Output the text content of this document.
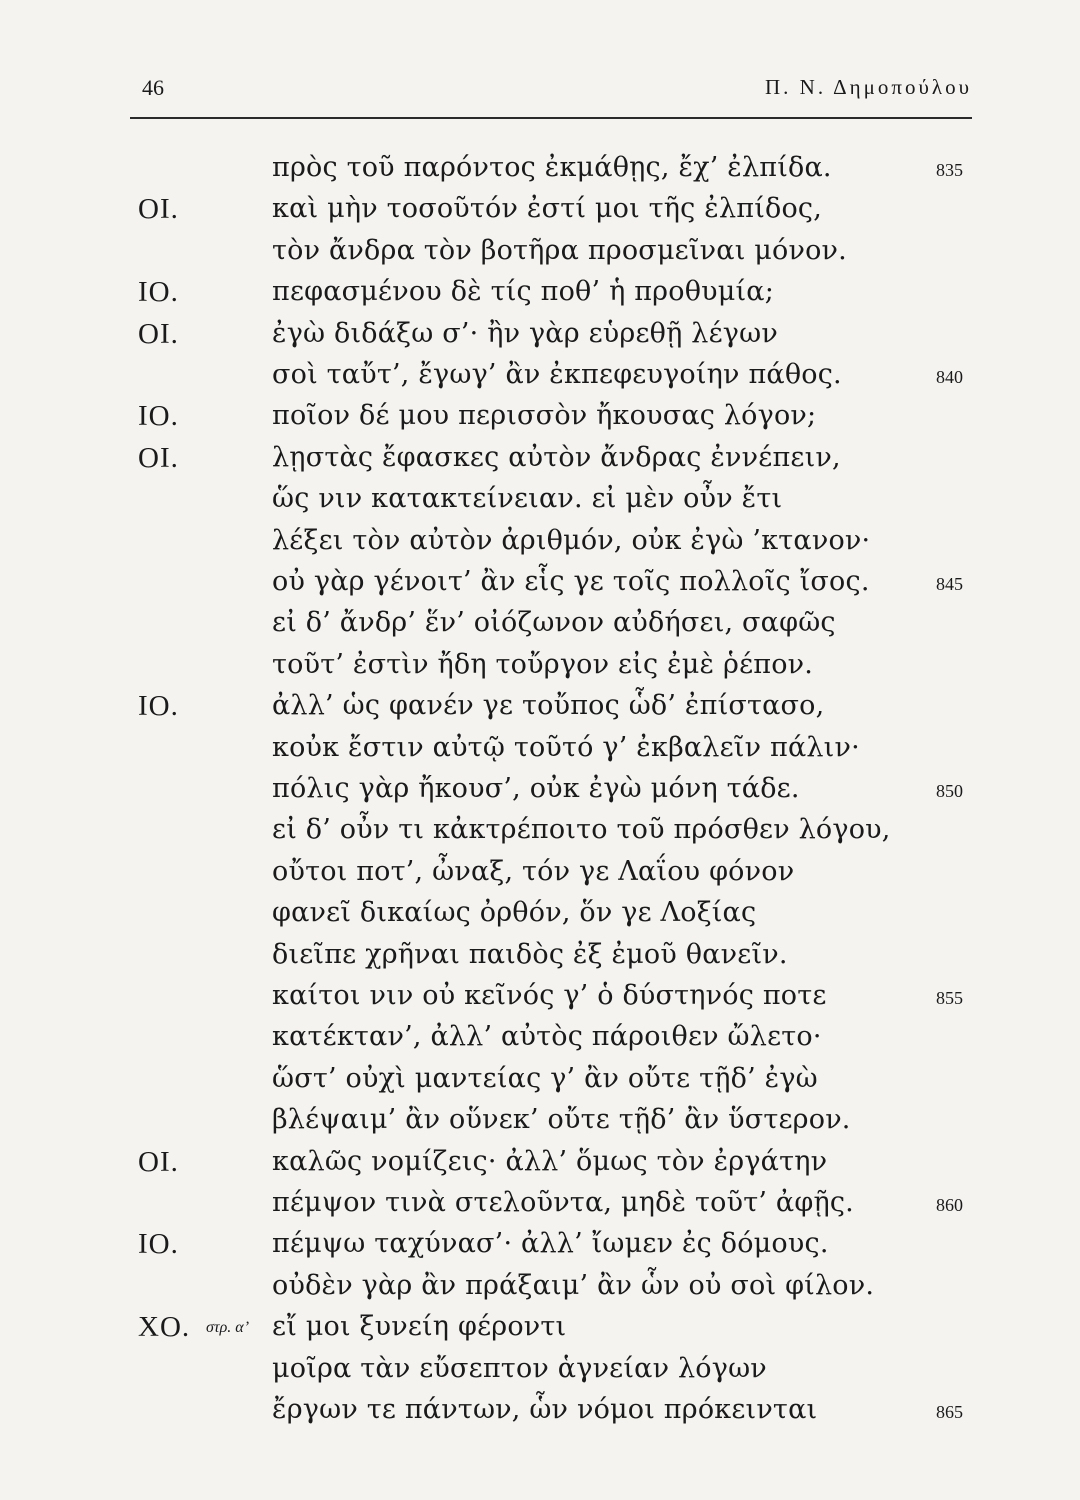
46	Π. Ν. Δημοπούλου
πρὸς τοῦ παρόντος ἐκμάθῃς, ἔχ’ ἐλπίδα.	835
ΟΙ.	καὶ μὴν τοσοῦτόν ἐστί μοι τῆς ἐλπίδος,
τὸν ἄνδρα τὸν βοτῆρα προσμεῖναι μόνον.
ΙΟ.	πεφασμένου δὲ τίς ποθ’ ἡ προθυμία;
ΟΙ.	ἐγὼ διδάξω σ’· ἢν γὰρ εὑρεθῇ λέγων
σοὶ ταὔτ’, ἔγωγ’ ἂν ἐκπεφευγοίην πάθος.	840
ΙΟ.	ποῖον δέ μου περισσὸν ἤκουσας λόγον;
ΟΙ.	λῃστὰς ἔφασκες αὐτὸν ἄνδρας ἐννέπειν,
ὥς νιν κατακτείνειαν. εἰ μὲν οὖν ἔτι
λέξει τὸν αὐτὸν ἀριθμόν, οὐκ ἐγὼ ’κτανον·
οὐ γὰρ γένοιτ’ ἂν εἷς γε τοῖς πολλοῖς ἴσος.	845
εἰ δ’ ἄνδρ’ ἕν’ οἰόζωνον αὐδήσει, σαφῶς
τοῦτ’ ἐστὶν ἤδη τοὔργον εἰς ἐμὲ ῥέπον.
ΙΟ.	ἀλλ’ ὡς φανέν γε τοὔπος ὧδ’ ἐπίστασο,
κοὐκ ἔστιν αὐτῷ τοῦτό γ’ ἐκβαλεῖν πάλιν·
πόλις γὰρ ἤκουσ’, οὐκ ἐγὼ μόνη τάδε.	850
εἰ δ’ οὖν τι κἀκτρέποιτο τοῦ πρόσθεν λόγου,
οὔτοι ποτ’, ὦναξ, τόν γε Λαΐου φόνον
φανεῖ δικαίως ὀρθόν, ὅν γε Λοξίας
διεῖπε χρῆναι παιδὸς ἐξ ἐμοῦ θανεῖν.
καίτοι νιν οὐ κεῖνός γ’ ὁ δύστηνός ποτε	855
κατέκταν’, ἀλλ’ αὐτὸς πάροιθεν ὤλετο·
ὥστ’ οὐχὶ μαντείας γ’ ἂν οὔτε τῇδ’ ἐγὼ
βλέψαιμ’ ἂν οὕνεκ’ οὔτε τῇδ’ ἂν ὕστερον.
ΟΙ.	καλῶς νομίζεις· ἀλλ’ ὅμως τὸν ἐργάτην
πέμψον τινὰ στελοῦντα, μηδὲ τοῦτ’ ἀφῇς.	860
ΙΟ.	πέμψω ταχύνασ’· ἀλλ’ ἴωμεν ἐς δόμους.
οὐδὲν γὰρ ἂν πράξαιμ’ ἂν ὧν οὐ σοὶ φίλον.
ΧΟ. στρ. α’ εἴ μοι ξυνείη φέροντι
μοῖρα τὰν εὔσεπτον ἁγνείαν λόγων
ἔργων τε πάντων, ὧν νόμοι πρόκεινται	865
